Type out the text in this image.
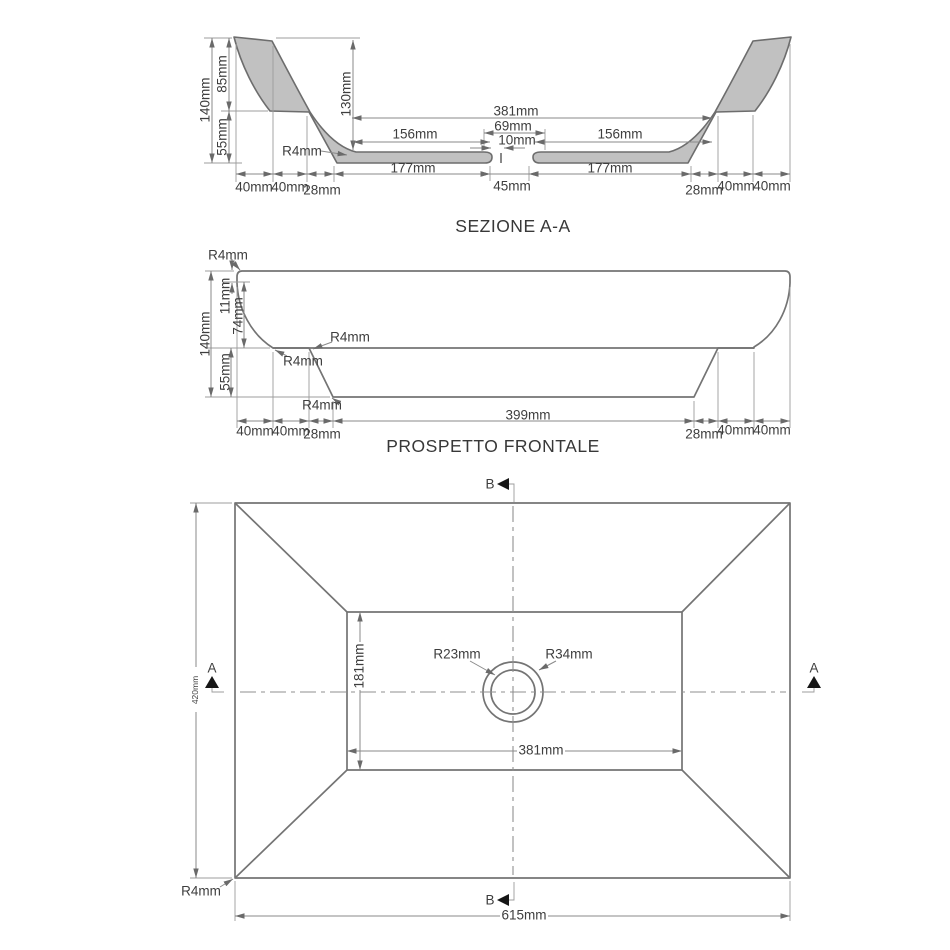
140mm
85mm
55mm
130mm
R4mm
381mm
69mm
10mm
156mm	156mm
177mm	177mm
45mm
40mm
40mm
28mm	28mm
40mm
40mm
SEZIONE A-A
R4mm
R4mm
R4mm
R4mm
140mm
11mm
74mm
55mm
399mm
40mm
40mm
28mm	28mm
40mm
40mm
PROSPETTO FRONTALE
420mm
181mm
381mm
615mm
R23mm	R34mm
R4mm
A	A
B
B
